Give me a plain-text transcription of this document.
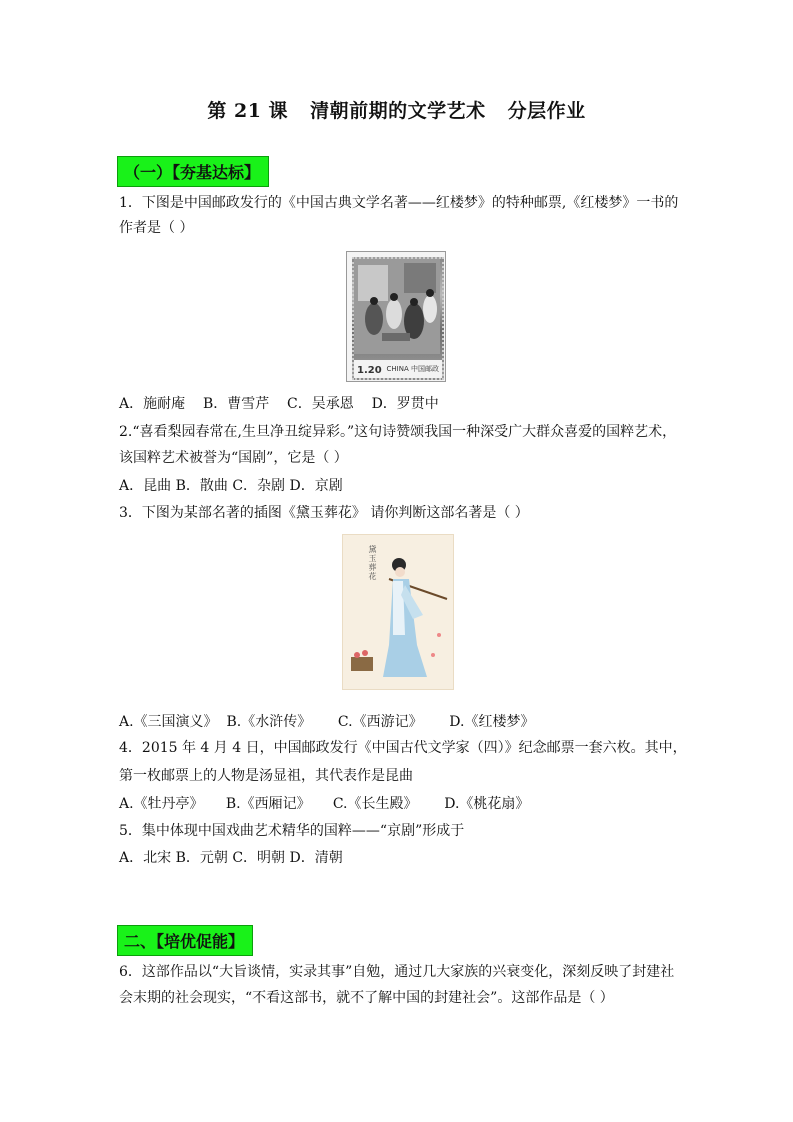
第 21 课 清朝前期的文学艺术 分层作业
（一）【夯基达标】
1．下图是中国邮政发行的《中国古典文学名著——红楼梦》的特种邮票,《红楼梦》一书的
作者是（ ）
1.20 CHINA 中国邮政
A．施耐庵 B．曹雪芹 C．吴承恩 D．罗贯中
2.“喜看梨园春常在,生旦净丑绽异彩。”这句诗赞颂我国一种深受广大群众喜爱的国粹艺术，
该国粹艺术被誉为“国剧”，它是（ ）
A．昆曲 B．散曲 C．杂剧 D．京剧
3．下图为某部名著的插图《黛玉葬花》 请你判断这部名著是（ ）
黛玉葬花
A.《三国演义》 B.《水浒传》 C.《西游记》 D.《红楼梦》
4．2015 年 4 月 4 日，中国邮政发行《中国古代文学家（四）》纪念邮票一套六枚。其中，
第一枚邮票上的人物是汤显祖，其代表作是昆曲
A.《牡丹亭》 B.《西厢记》 C.《长生殿》 D.《桃花扇》
5．集中体现中国戏曲艺术精华的国粹——“京剧”形成于
A．北宋 B．元朝 C．明朝 D．清朝
二、【培优促能】
6．这部作品以“大旨谈情，实录其事”自勉，通过几大家族的兴衰变化，深刻反映了封建社
会末期的社会现实，“不看这部书，就不了解中国的封建社会”。这部作品是（ ）
